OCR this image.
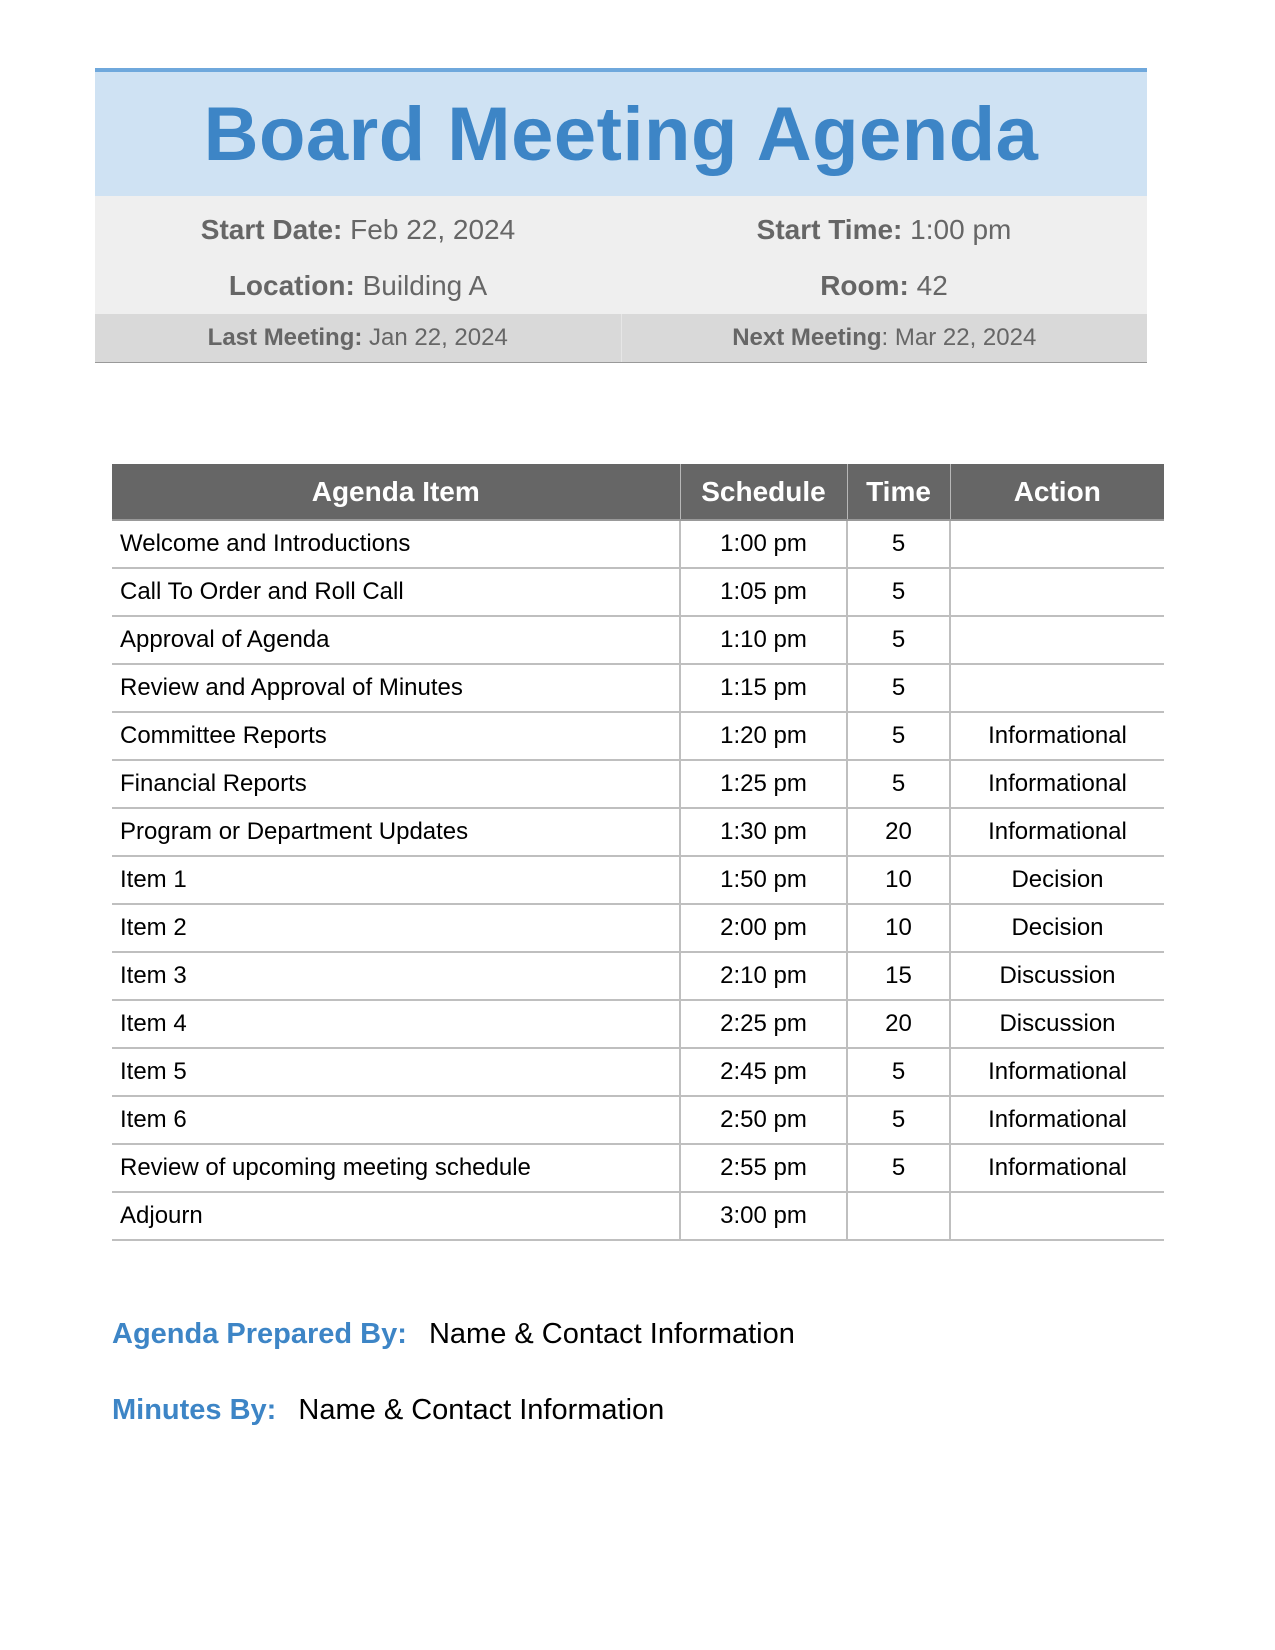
Board Meeting Agenda
Start Date: Feb 22, 2024	Start Time: 1:00 pm
Location: Building A	Room: 42
Last Meeting: Jan 22, 2024	Next Meeting: Mar 22, 2024
Agenda Item	Schedule	Time	Action
Welcome and Introductions	1:00 pm	5	
Call To Order and Roll Call	1:05 pm	5	
Approval of Agenda	1:10 pm	5	
Review and Approval of Minutes	1:15 pm	5	
Committee Reports	1:20 pm	5	Informational
Financial Reports	1:25 pm	5	Informational
Program or Department Updates	1:30 pm	20	Informational
Item 1	1:50 pm	10	Decision
Item 2	2:00 pm	10	Decision
Item 3	2:10 pm	15	Discussion
Item 4	2:25 pm	20	Discussion
Item 5	2:45 pm	5	Informational
Item 6	2:50 pm	5	Informational
Review of upcoming meeting schedule	2:55 pm	5	Informational
Adjourn	3:00 pm		
Agenda Prepared By: Name & Contact Information
Minutes By: Name & Contact Information
